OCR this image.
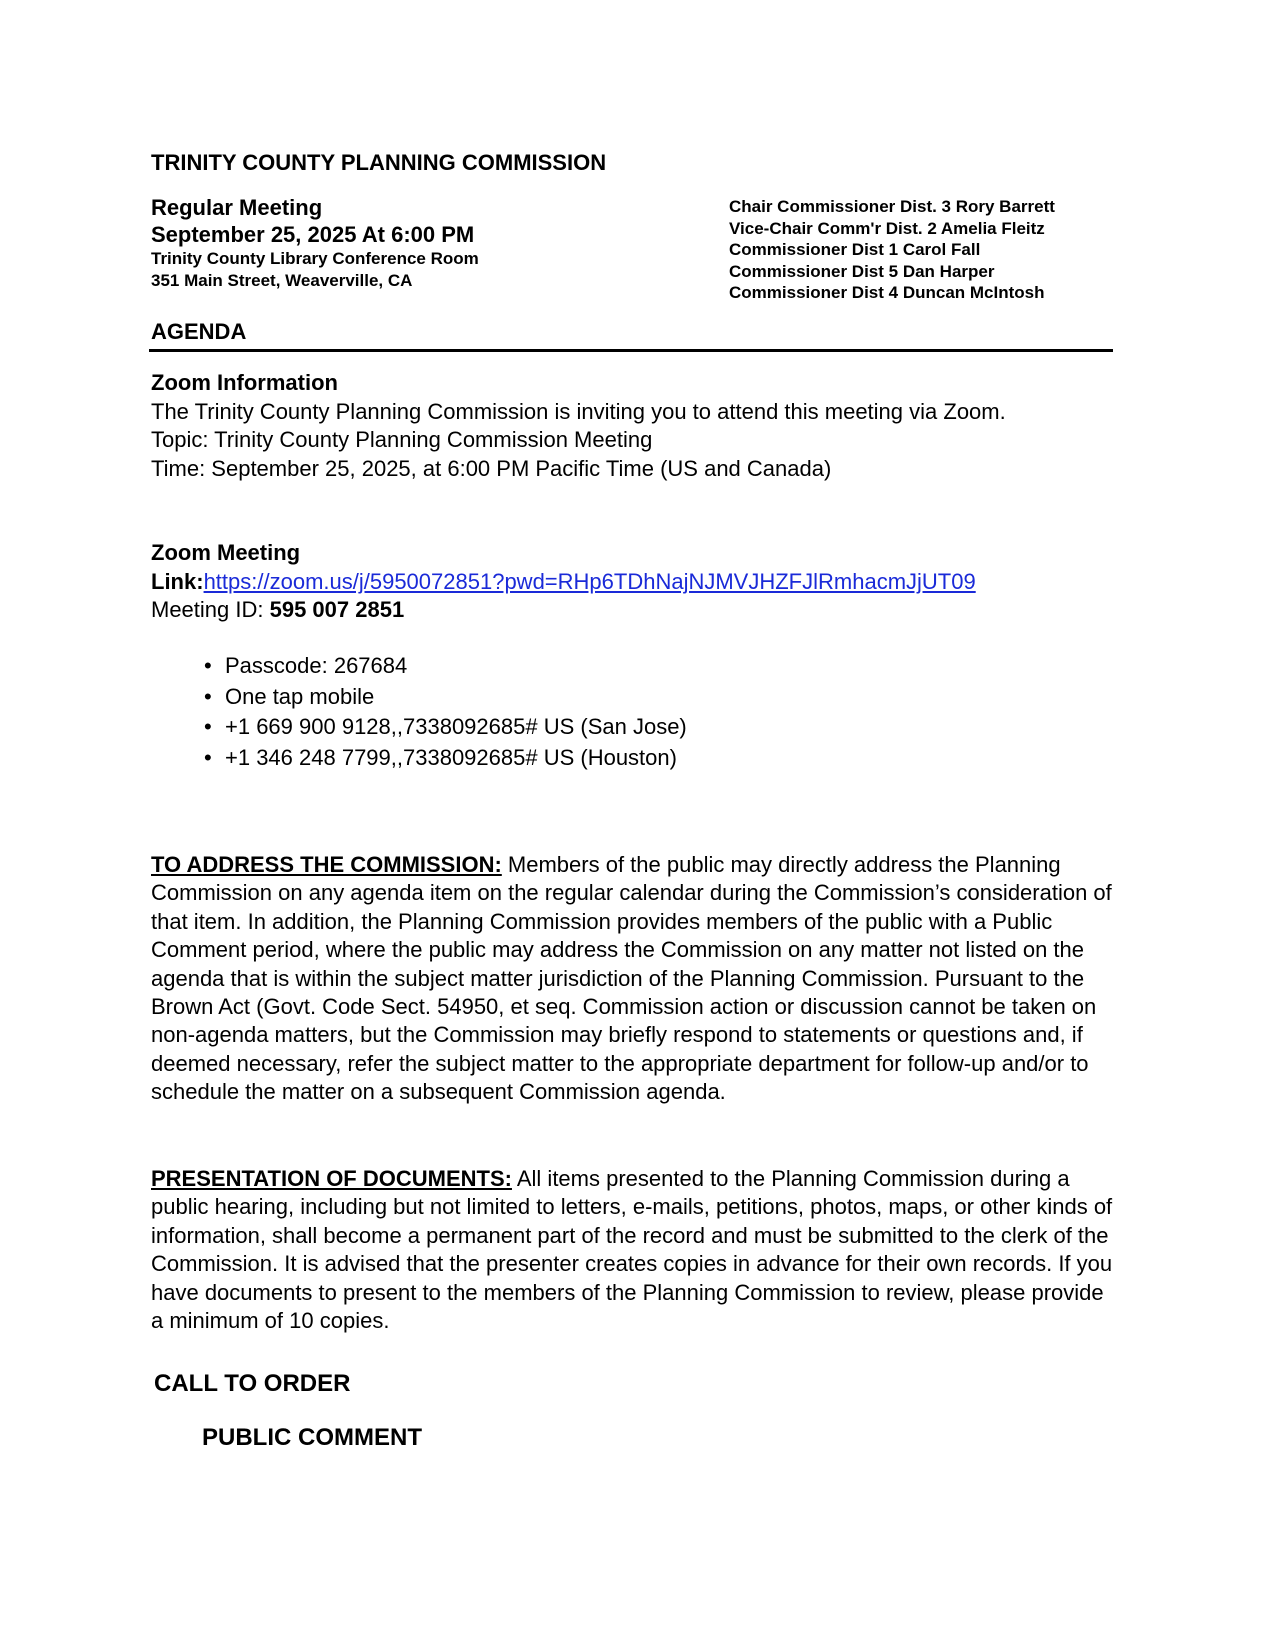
TRINITY COUNTY PLANNING COMMISSION
Regular Meeting
September 25, 2025 At 6:00 PM
Trinity County Library Conference Room
351 Main Street, Weaverville, CA
Chair Commissioner Dist. 3 Rory Barrett
Vice-Chair Comm'r Dist. 2 Amelia Fleitz
Commissioner Dist 1 Carol Fall
Commissioner Dist 5 Dan Harper
Commissioner Dist 4 Duncan McIntosh
AGENDA
Zoom Information
The Trinity County Planning Commission is inviting you to attend this meeting via Zoom.
Topic: Trinity County Planning Commission Meeting
Time: September 25, 2025, at 6:00 PM Pacific Time (US and Canada)
Zoom Meeting
Link:https://zoom.us/j/5950072851?pwd=RHp6TDhNajNJMVJHZFJlRmhacmJjUT09
Meeting ID: 595 007 2851
• Passcode: 267684
• One tap mobile
• +1 669 900 9128,,7338092685# US (San Jose)
• +1 346 248 7799,,7338092685# US (Houston)

TO ADDRESS THE COMMISSION: Members of the public may directly address the Planning Commission on any agenda item on the regular calendar during the Commission’s consideration of that item. In addition, the Planning Commission provides members of the public with a Public Comment period, where the public may address the Commission on any matter not listed on the agenda that is within the subject matter jurisdiction of the Planning Commission. Pursuant to the Brown Act (Govt. Code Sect. 54950, et seq. Commission action or discussion cannot be taken on non-agenda matters, but the Commission may briefly respond to statements or questions and, if deemed necessary, refer the subject matter to the appropriate department for follow-up and/or to schedule the matter on a subsequent Commission agenda.

PRESENTATION OF DOCUMENTS: All items presented to the Planning Commission during a public hearing, including but not limited to letters, e-mails, petitions, photos, maps, or other kinds of information, shall become a permanent part of the record and must be submitted to the clerk of the Commission. It is advised that the presenter creates copies in advance for their own records. If you have documents to present to the members of the Planning Commission to review, please provide a minimum of 10 copies.

CALL TO ORDER
PUBLIC COMMENT
